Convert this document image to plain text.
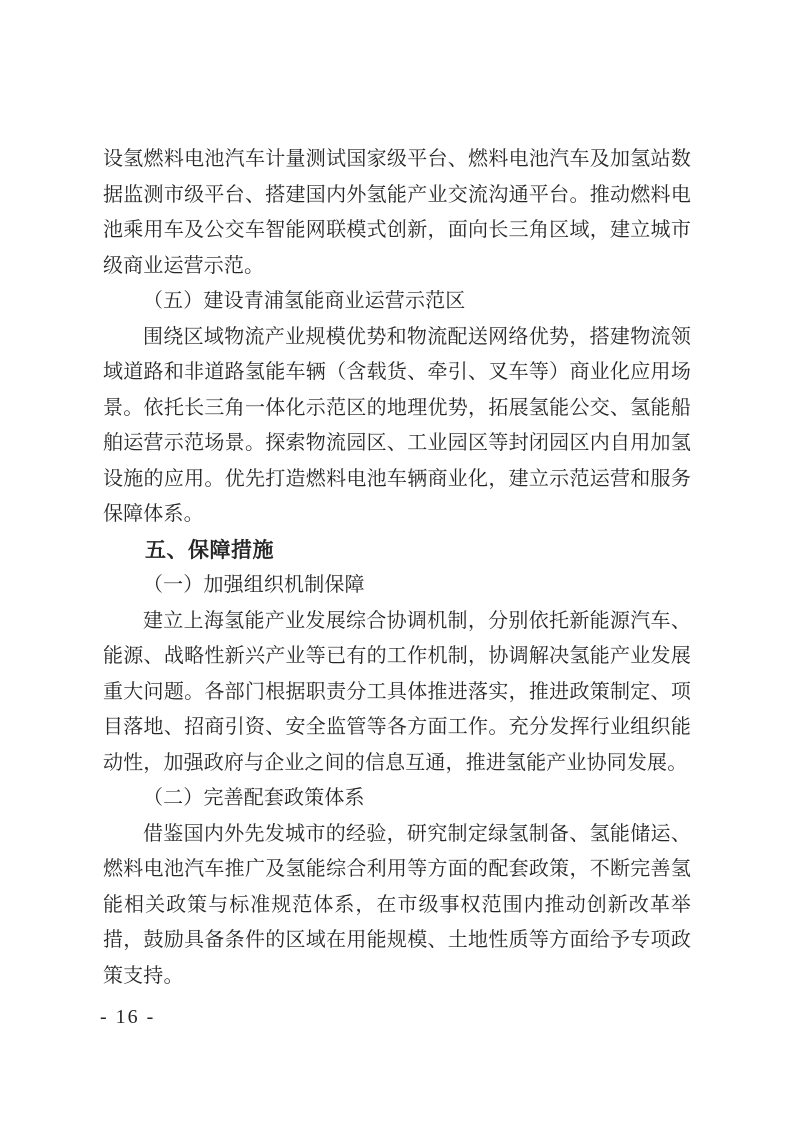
设氢燃料电池汽车计量测试国家级平台、燃料电池汽车及加氢站数据监测市级平台、搭建国内外氢能产业交流沟通平台。推动燃料电池乘用车及公交车智能网联模式创新，面向长三角区域，建立城市级商业运营示范。

（五）建设青浦氢能商业运营示范区

围绕区域物流产业规模优势和物流配送网络优势，搭建物流领域道路和非道路氢能车辆（含载货、牵引、叉车等）商业化应用场景。依托长三角一体化示范区的地理优势，拓展氢能公交、氢能船舶运营示范场景。探索物流园区、工业园区等封闭园区内自用加氢设施的应用。优先打造燃料电池车辆商业化，建立示范运营和服务保障体系。

五、保障措施

（一）加强组织机制保障

建立上海氢能产业发展综合协调机制，分别依托新能源汽车、能源、战略性新兴产业等已有的工作机制，协调解决氢能产业发展重大问题。各部门根据职责分工具体推进落实，推进政策制定、项目落地、招商引资、安全监管等各方面工作。充分发挥行业组织能动性，加强政府与企业之间的信息互通，推进氢能产业协同发展。

（二）完善配套政策体系

借鉴国内外先发城市的经验，研究制定绿氢制备、氢能储运、燃料电池汽车推广及氢能综合利用等方面的配套政策，不断完善氢能相关政策与标准规范体系，在市级事权范围内推动创新改革举措，鼓励具备条件的区域在用能规模、土地性质等方面给予专项政策支持。

- 16 -
